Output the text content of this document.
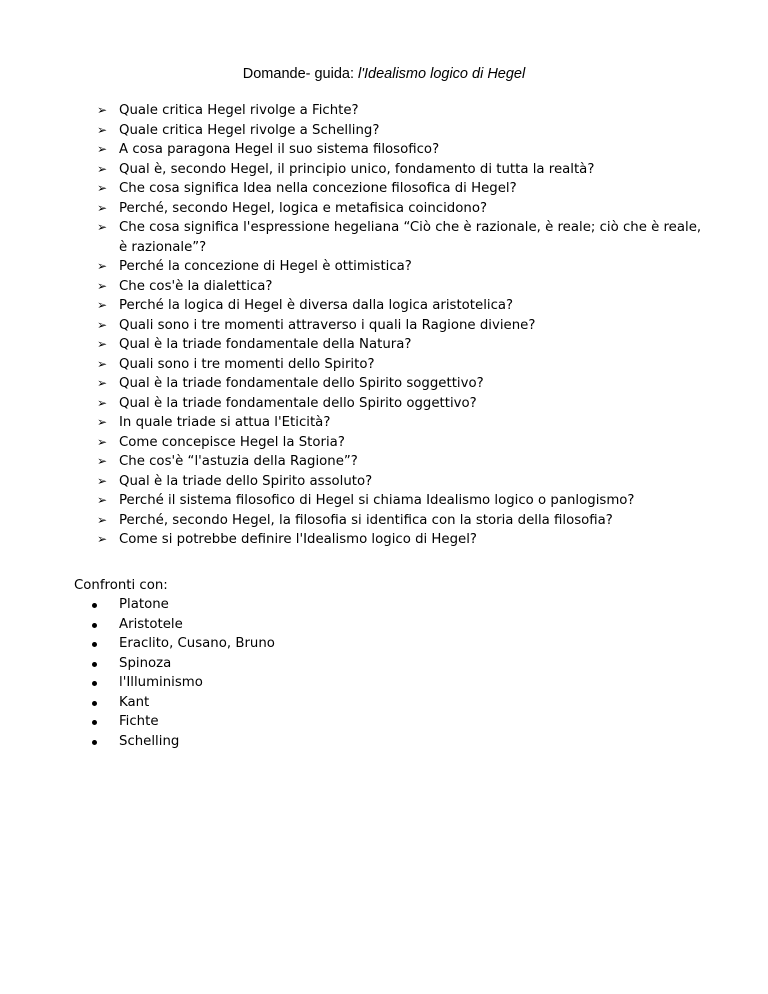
Domande- guida: l'Idealismo logico di Hegel
➢ Quale critica Hegel rivolge a Fichte?
➢ Quale critica Hegel rivolge a Schelling?
➢ A cosa paragona Hegel il suo sistema filosofico?
➢ Qual è, secondo Hegel, il principio unico, fondamento di tutta la realtà?
➢ Che cosa significa Idea nella concezione filosofica di Hegel?
➢ Perché, secondo Hegel, logica e metafisica coincidono?
➢ Che cosa significa l'espressione hegeliana “Ciò che è razionale, è reale; ciò che è reale, è razionale”?
➢ Perché la concezione di Hegel è ottimistica?
➢ Che cos'è la dialettica?
➢ Perché la logica di Hegel è diversa dalla logica aristotelica?
➢ Quali sono i tre momenti attraverso i quali la Ragione diviene?
➢ Qual è la triade fondamentale della Natura?
➢ Quali sono i tre momenti dello Spirito?
➢ Qual è la triade fondamentale dello Spirito soggettivo?
➢ Qual è la triade fondamentale dello Spirito oggettivo?
➢ In quale triade si attua l'Eticità?
➢ Come concepisce Hegel la Storia?
➢ Che cos'è “l'astuzia della Ragione”?
➢ Qual è la triade dello Spirito assoluto?
➢ Perché il sistema filosofico di Hegel si chiama Idealismo logico o panlogismo?
➢ Perché, secondo Hegel, la filosofia si identifica con la storia della filosofia?
➢ Come si potrebbe definire l'Idealismo logico di Hegel?
Confronti con:
Platone
Aristotele
Eraclito, Cusano, Bruno
Spinoza
l'Illuminismo
Kant
Fichte
Schelling
